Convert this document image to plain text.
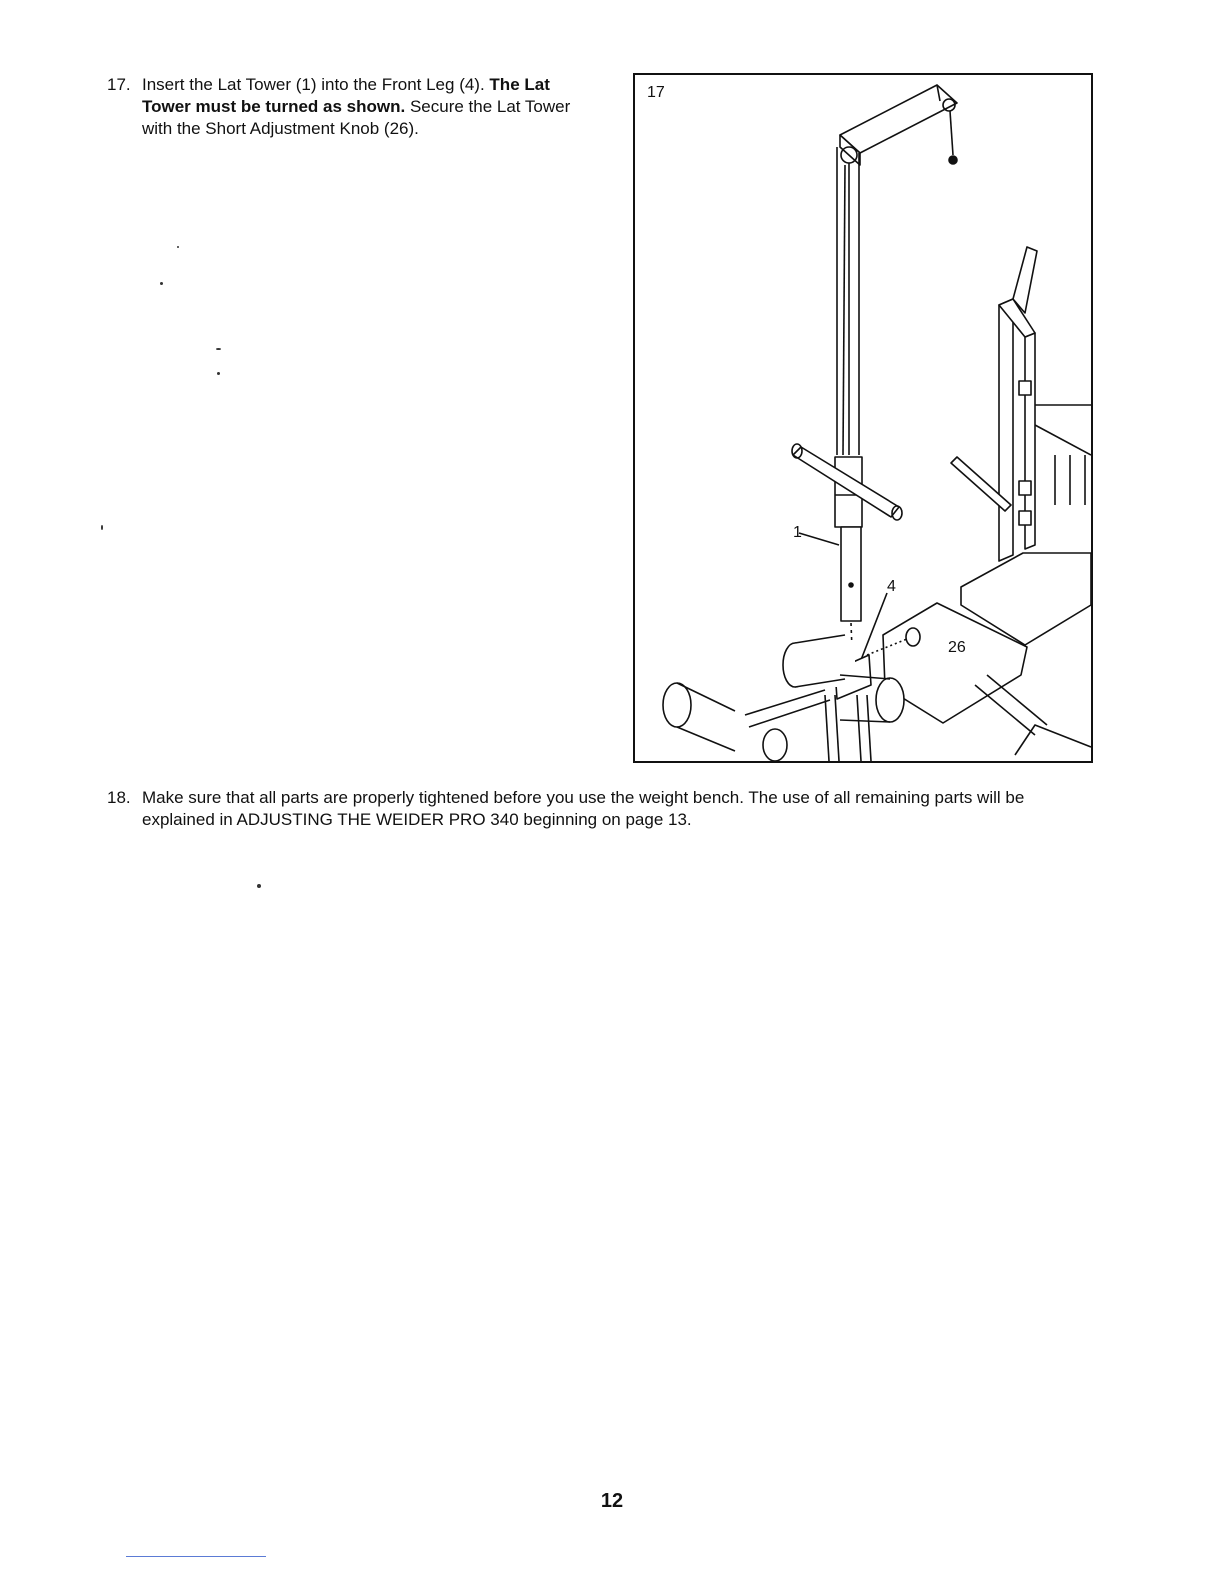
17. Insert the Lat Tower (1) into the Front Leg (4). The Lat Tower must be turned as shown. Secure the Lat Tower with the Short Adjustment Knob (26).
17
1
4
26
18. Make sure that all parts are properly tightened before you use the weight bench. The use of all remaining parts will be explained in ADJUSTING THE WEIDER PRO 340 beginning on page 13.
12
